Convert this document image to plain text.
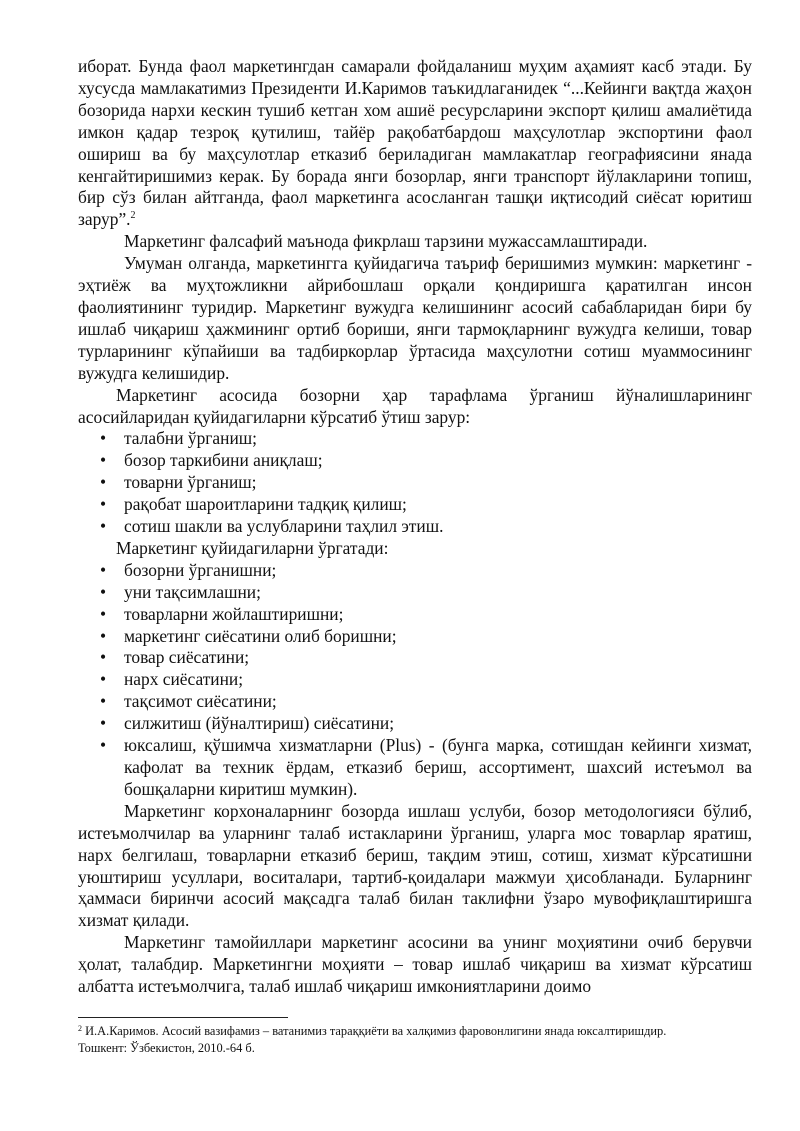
иборат. Бунда фаол маркетингдан самарали фойдаланиш муҳим аҳамият касб этади. Бу хусусда мамлакатимиз Президенти И.Каримов таъкидлаганидек “...Кейинги вақтда жаҳон бозорида нархи кескин тушиб кетган хом ашиё ресурсларини экспорт қилиш амалиётида имкон қадар тезроқ қутилиш, тайёр рақобатбардош маҳсулотлар экспортини фаол ошириш ва бу маҳсулотлар етказиб бериладиган мамлакатлар географиясини янада кенгайтиришимиз керак. Бу борада янги бозорлар, янги транспорт йўлакларини топиш, бир сўз билан айтганда, фаол маркетинга асосланган ташқи иқтисодий сиёсат юритиш зарур”.$^2$

Маркетинг фалсафий маънода фикрлаш тарзини мужассамлаштиради.

Умуман олганда, маркетингга қуйидагича таъриф беришимиз мумкин: маркетинг - эҳтиёж ва муҳтожликни айрибошлаш орқали қондиришга қаратилган инсон фаолиятининг туридир. Маркетинг вужудга келишининг асосий сабабларидан бири бу ишлаб чиқариш ҳажмининг ортиб бориши, янги тармоқларнинг вужудга келиши, товар турларининг кўпайиши ва тадбиркорлар ўртасида маҳсулотни сотиш муаммосининг вужудга келишидир.

Маркетинг асосида бозорни ҳар тарафлама ўрганиш йўналишларининг асосийларидан қуйидагиларни кўрсатиб ўтиш зарур:

• талабни ўрганиш;
• бозор таркибини аниқлаш;
• товарни ўрганиш;
• рақобат шароитларини тадқиқ қилиш;
• сотиш шакли ва услубларини таҳлил этиш.

Маркетинг қуйидагиларни ўргатади:

• бозорни ўрганишни;
• уни тақсимлашни;
• товарларни жойлаштиришни;
• маркетинг сиёсатини олиб боришни;
• товар сиёсатини;
• нарх сиёсатини;
• тақсимот сиёсатини;
• силжитиш (йўналтириш) сиёсатини;
• юксалиш, қўшимча хизматларни (Plus) - (бунга марка, сотишдан кейинги хизмат, кафолат ва техник ёрдам, етказиб бериш, ассортимент, шахсий истеъмол ва бошқаларни киритиш мумкин).

Маркетинг корхоналарнинг бозорда ишлаш услуби, бозор методологияси бўлиб, истеъмолчилар ва уларнинг талаб истакларини ўрганиш, уларга мос товарлар яратиш, нарх белгилаш, товарларни етказиб бериш, тақдим этиш, сотиш, хизмат кўрсатишни уюштириш усуллари, воситалари, тартиб-қоидалари мажмуи ҳисобланади. Буларнинг ҳаммаси биринчи асосий мақсадга талаб билан таклифни ўзаро мувофиқлаштиришга хизмат қилади.

Маркетинг тамойиллари маркетинг асосини ва унинг моҳиятини очиб берувчи ҳолат, талабдир. Маркетингни моҳияти – товар ишлаб чиқариш ва хизмат кўрсатиш албатта истеъмолчига, талаб ишлаб чиқариш имкониятларини доимо

$^2$ И.А.Каримов. Асосий вазифамиз – ватанимиз тараққиёти ва халқимиз фаровонлигини янада юксалтиришдир.
Тошкент: Ўзбекистон, 2010.-64 б.
